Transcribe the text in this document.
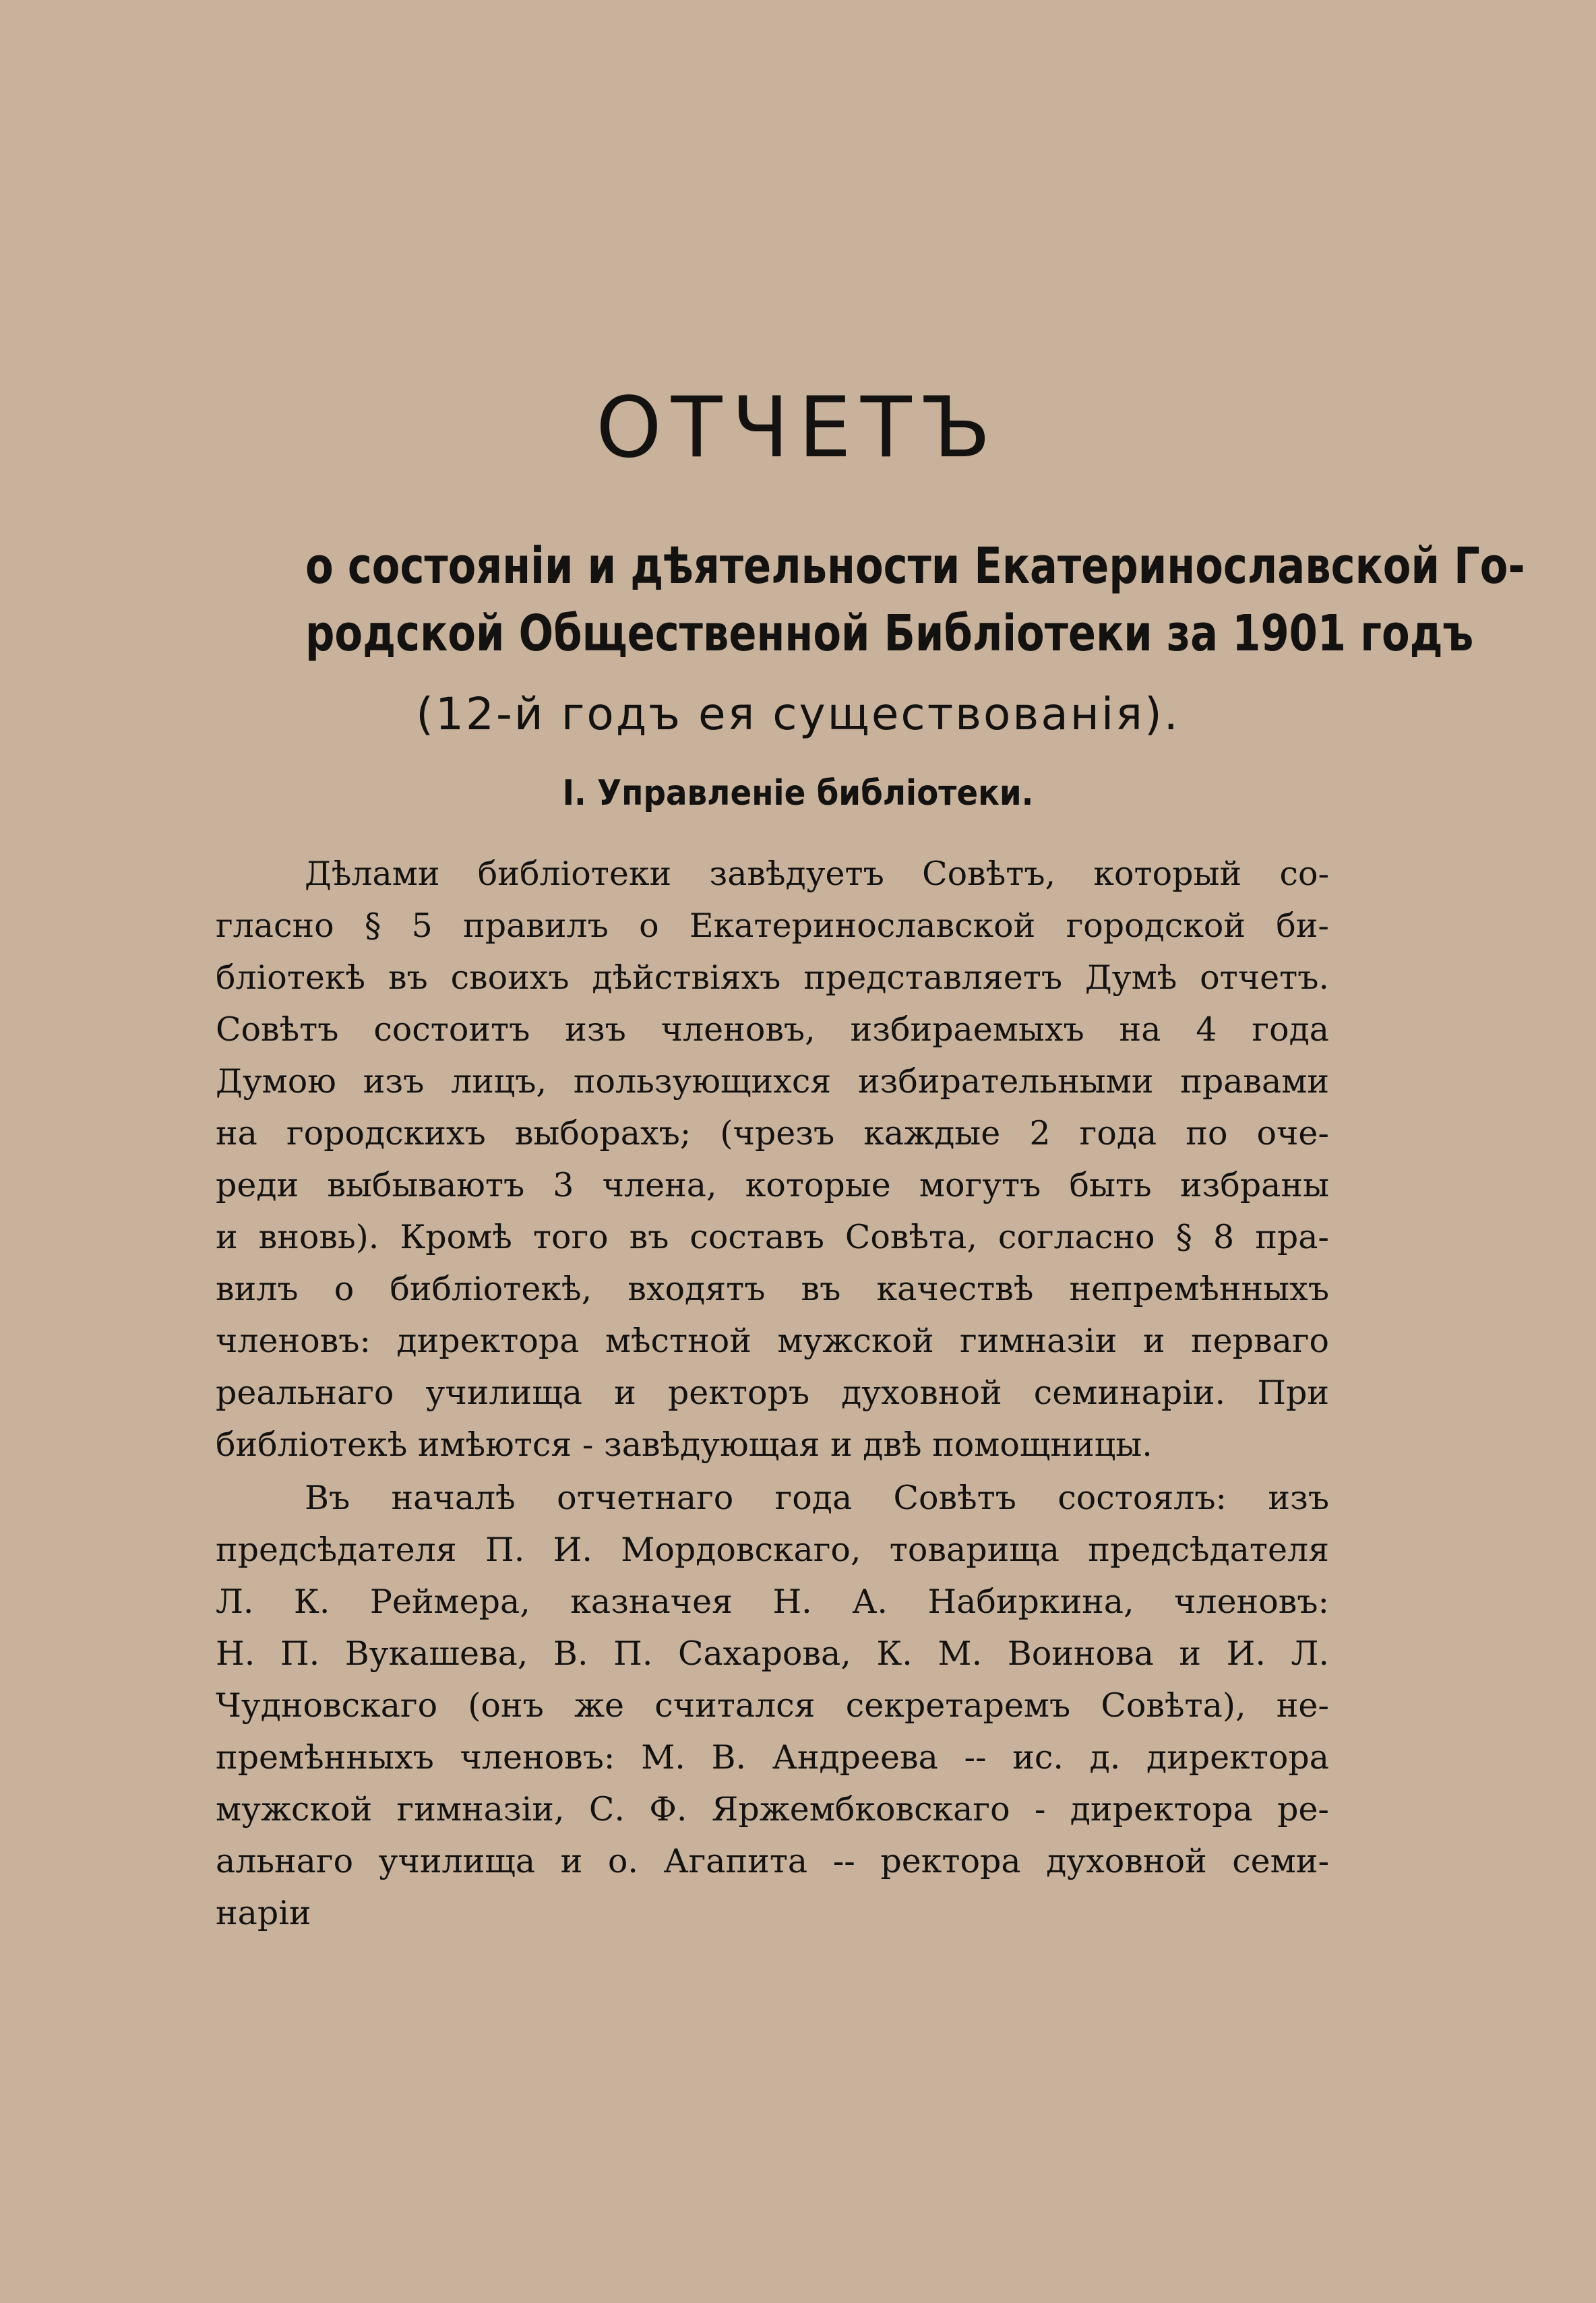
ОТЧЕТЪ
о состояніи и дѣятельности Екатеринославской Го-
родской Общественной Библіотеки за 1901 годъ
(12-й годъ ея существованія).
I. Управленіе библіотеки.
Дѣлами библіотеки завѣдуетъ Совѣтъ, который со-
гласно § 5 правилъ о Екатеринославской городской би-
бліотекѣ въ своихъ дѣйствіяхъ представляетъ Думѣ отчетъ.
Совѣтъ состоитъ изъ членовъ, избираемыхъ на 4 года
Думою изъ лицъ, пользующихся избирательными правами
на городскихъ выборахъ; (чрезъ каждые 2 года по оче-
реди выбываютъ 3 члена, которые могутъ быть избраны
и вновь). Кромѣ того въ составъ Совѣта, согласно § 8 пра-
вилъ о библіотекѣ, входятъ въ качествѣ непремѣнныхъ
членовъ: директора мѣстной мужской гимназіи и перваго
реальнаго училища и ректоръ духовной семинаріи. При
библіотекѣ имѣются - завѣдующая и двѣ помощницы.
Въ началѣ отчетнаго года Совѣтъ состоялъ: изъ
предсѣдателя П. И. Мордовскаго, товарища предсѣдателя
Л. К. Реймера, казначея Н. А. Набиркина, членовъ:
Н. П. Вукашева, В. П. Сахарова, К. М. Воинова и И. Л.
Чудновскаго (онъ же считался секретаремъ Совѣта), не-
премѣнныхъ членовъ: М. В. Андреева -- ис. д. директора
мужской гимназіи, С. Ф. Яржембковскаго - директора ре-
альнаго училища и о. Агапита -- ректора духовной семи-
наріи
